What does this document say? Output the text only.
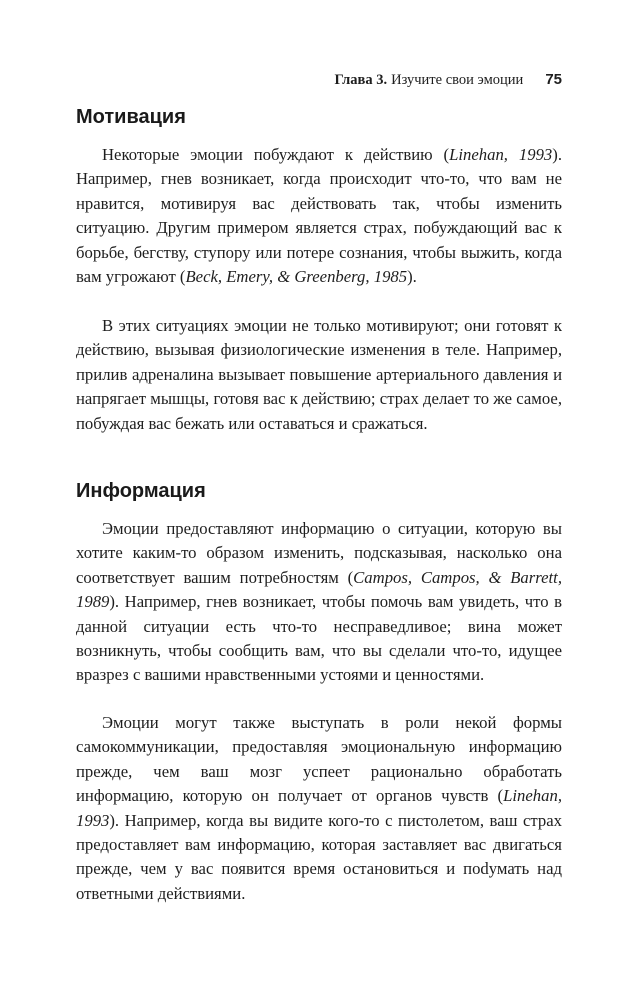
Глава 3. Изучите свои эмоции 75
Мотивация

Некоторые эмоции побуждают к действию (Linehan, 1993). Например, гнев возникает, когда происходит что-то, что вам не нравится, мотивируя вас действовать так, чтобы изменить ситуацию. Другим примером является страх, побуждающий вас к борьбе, бегству, ступору или потере сознания, чтобы выжить, когда вам угрожают (Beck, Emery, & Greenberg, 1985).

В этих ситуациях эмоции не только мотивируют; они готовят к действию, вызывая физиологические изменения в теле. Например, прилив адреналина вызывает повышение артериального давления и напрягает мышцы, готовя вас к действию; страх делает то же самое, побуждая вас бежать или оставаться и сражаться.

Информация

Эмоции предоставляют информацию о ситуации, которую вы хотите каким-то образом изменить, подсказывая, насколько она соответствует вашим потребностям (Campos, Campos, & Barrett, 1989). Например, гнев возникает, чтобы помочь вам увидеть, что в данной ситуации есть что-то несправедливое; вина может возникнуть, чтобы сообщить вам, что вы сделали что-то, идущее вразрез с вашими нравственными устоями и ценностями.

Эмоции могут также выступать в роли некой формы самокоммуникации, предоставляя эмоциональную информацию прежде, чем ваш мозг успеет рационально обработать информацию, которую он получает от органов чувств (Linehan, 1993). Например, когда вы видите кого-то с пистолетом, ваш страх предоставляет вам информацию, которая заставляет вас двигаться прежде, чем у вас появится время остановиться и поdумать над ответными действиями.
